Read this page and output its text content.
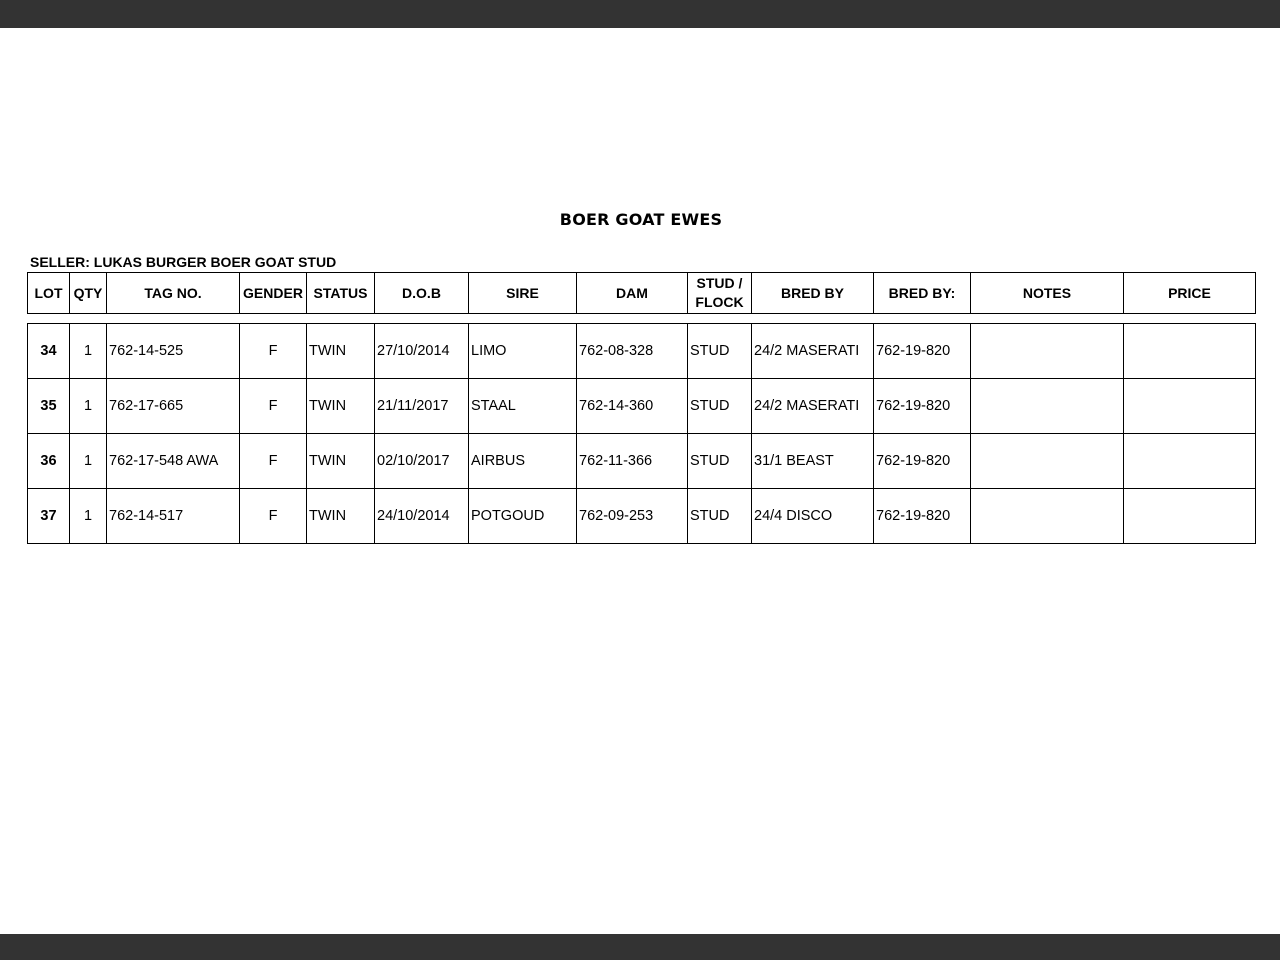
BOER GOAT EWES
SELLER: LUKAS BURGER BOER GOAT STUD
LOT	QTY	TAG NO.	GENDER	STATUS	D.O.B	SIRE	DAM	STUD / FLOCK	BRED BY	BRED BY:	NOTES	PRICE
34	1	762-14-525	F	TWIN	27/10/2014	LIMO	762-08-328	STUD	24/2 MASERATI	762-19-820		
35	1	762-17-665	F	TWIN	21/11/2017	STAAL	762-14-360	STUD	24/2 MASERATI	762-19-820		
36	1	762-17-548 AWA	F	TWIN	02/10/2017	AIRBUS	762-11-366	STUD	31/1 BEAST	762-19-820		
37	1	762-14-517	F	TWIN	24/10/2014	POTGOUD	762-09-253	STUD	24/4 DISCO	762-19-820		
